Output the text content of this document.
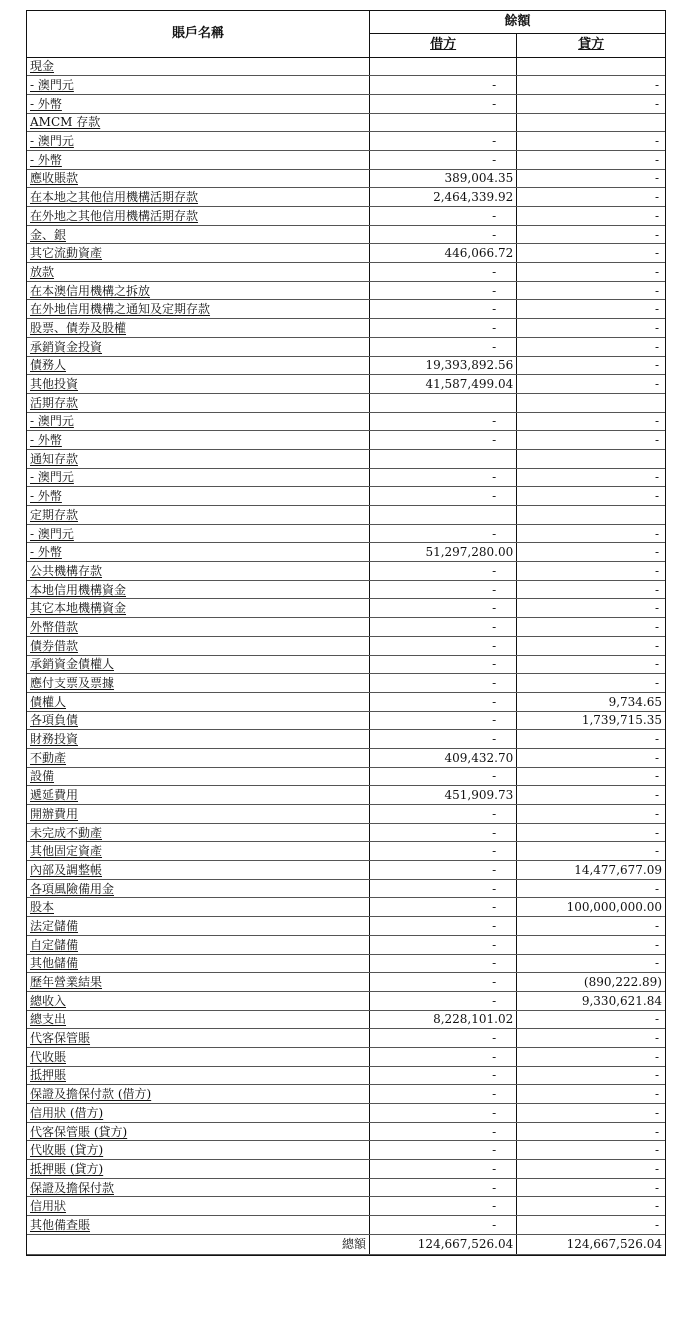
賬戶名稱	餘額	
	借方	貸方
現金		
- 澳門元	-	-
- 外幣	-	-
AMCM 存款		
- 澳門元	-	-
- 外幣	-	-
應收賬款	389,004.35	-
在本地之其他信用機構活期存款	2,464,339.92	-
在外地之其他信用機構活期存款	-	-
金、銀	-	-
其它流動資產	446,066.72	-
放款	-	-
在本澳信用機構之拆放	-	-
在外地信用機構之通知及定期存款	-	-
股票、債券及股權	-	-
承銷資金投資	-	-
債務人	19,393,892.56	-
其他投資	41,587,499.04	-
活期存款		
- 澳門元	-	-
- 外幣	-	-
通知存款		
- 澳門元	-	-
- 外幣	-	-
定期存款		
- 澳門元	-	-
- 外幣	51,297,280.00	-
公共機構存款	-	-
本地信用機構資金	-	-
其它本地機構資金	-	-
外幣借款	-	-
債券借款	-	-
承銷資金債權人	-	-
應付支票及票據	-	-
債權人	-	9,734.65
各項負債	-	1,739,715.35
財務投資	-	-
不動產	409,432.70	-
設備	-	-
遞延費用	451,909.73	-
開辦費用	-	-
未完成不動產	-	-
其他固定資產	-	-
內部及調整帳	-	14,477,677.09
各項風險備用金	-	-
股本	-	100,000,000.00
法定儲備	-	-
自定儲備	-	-
其他儲備	-	-
歷年營業結果	-	(890,222.89)
總收入	-	9,330,621.84
總支出	8,228,101.02	-
代客保管賬	-	-
代收賬	-	-
抵押賬	-	-
保證及擔保付款 (借方)	-	-
信用狀 (借方)	-	-
代客保管賬 (貸方)	-	-
代收賬 (貸方)	-	-
抵押賬 (貸方)	-	-
保證及擔保付款	-	-
信用狀	-	-
其他備查賬	-	-
總額	124,667,526.04	124,667,526.04
